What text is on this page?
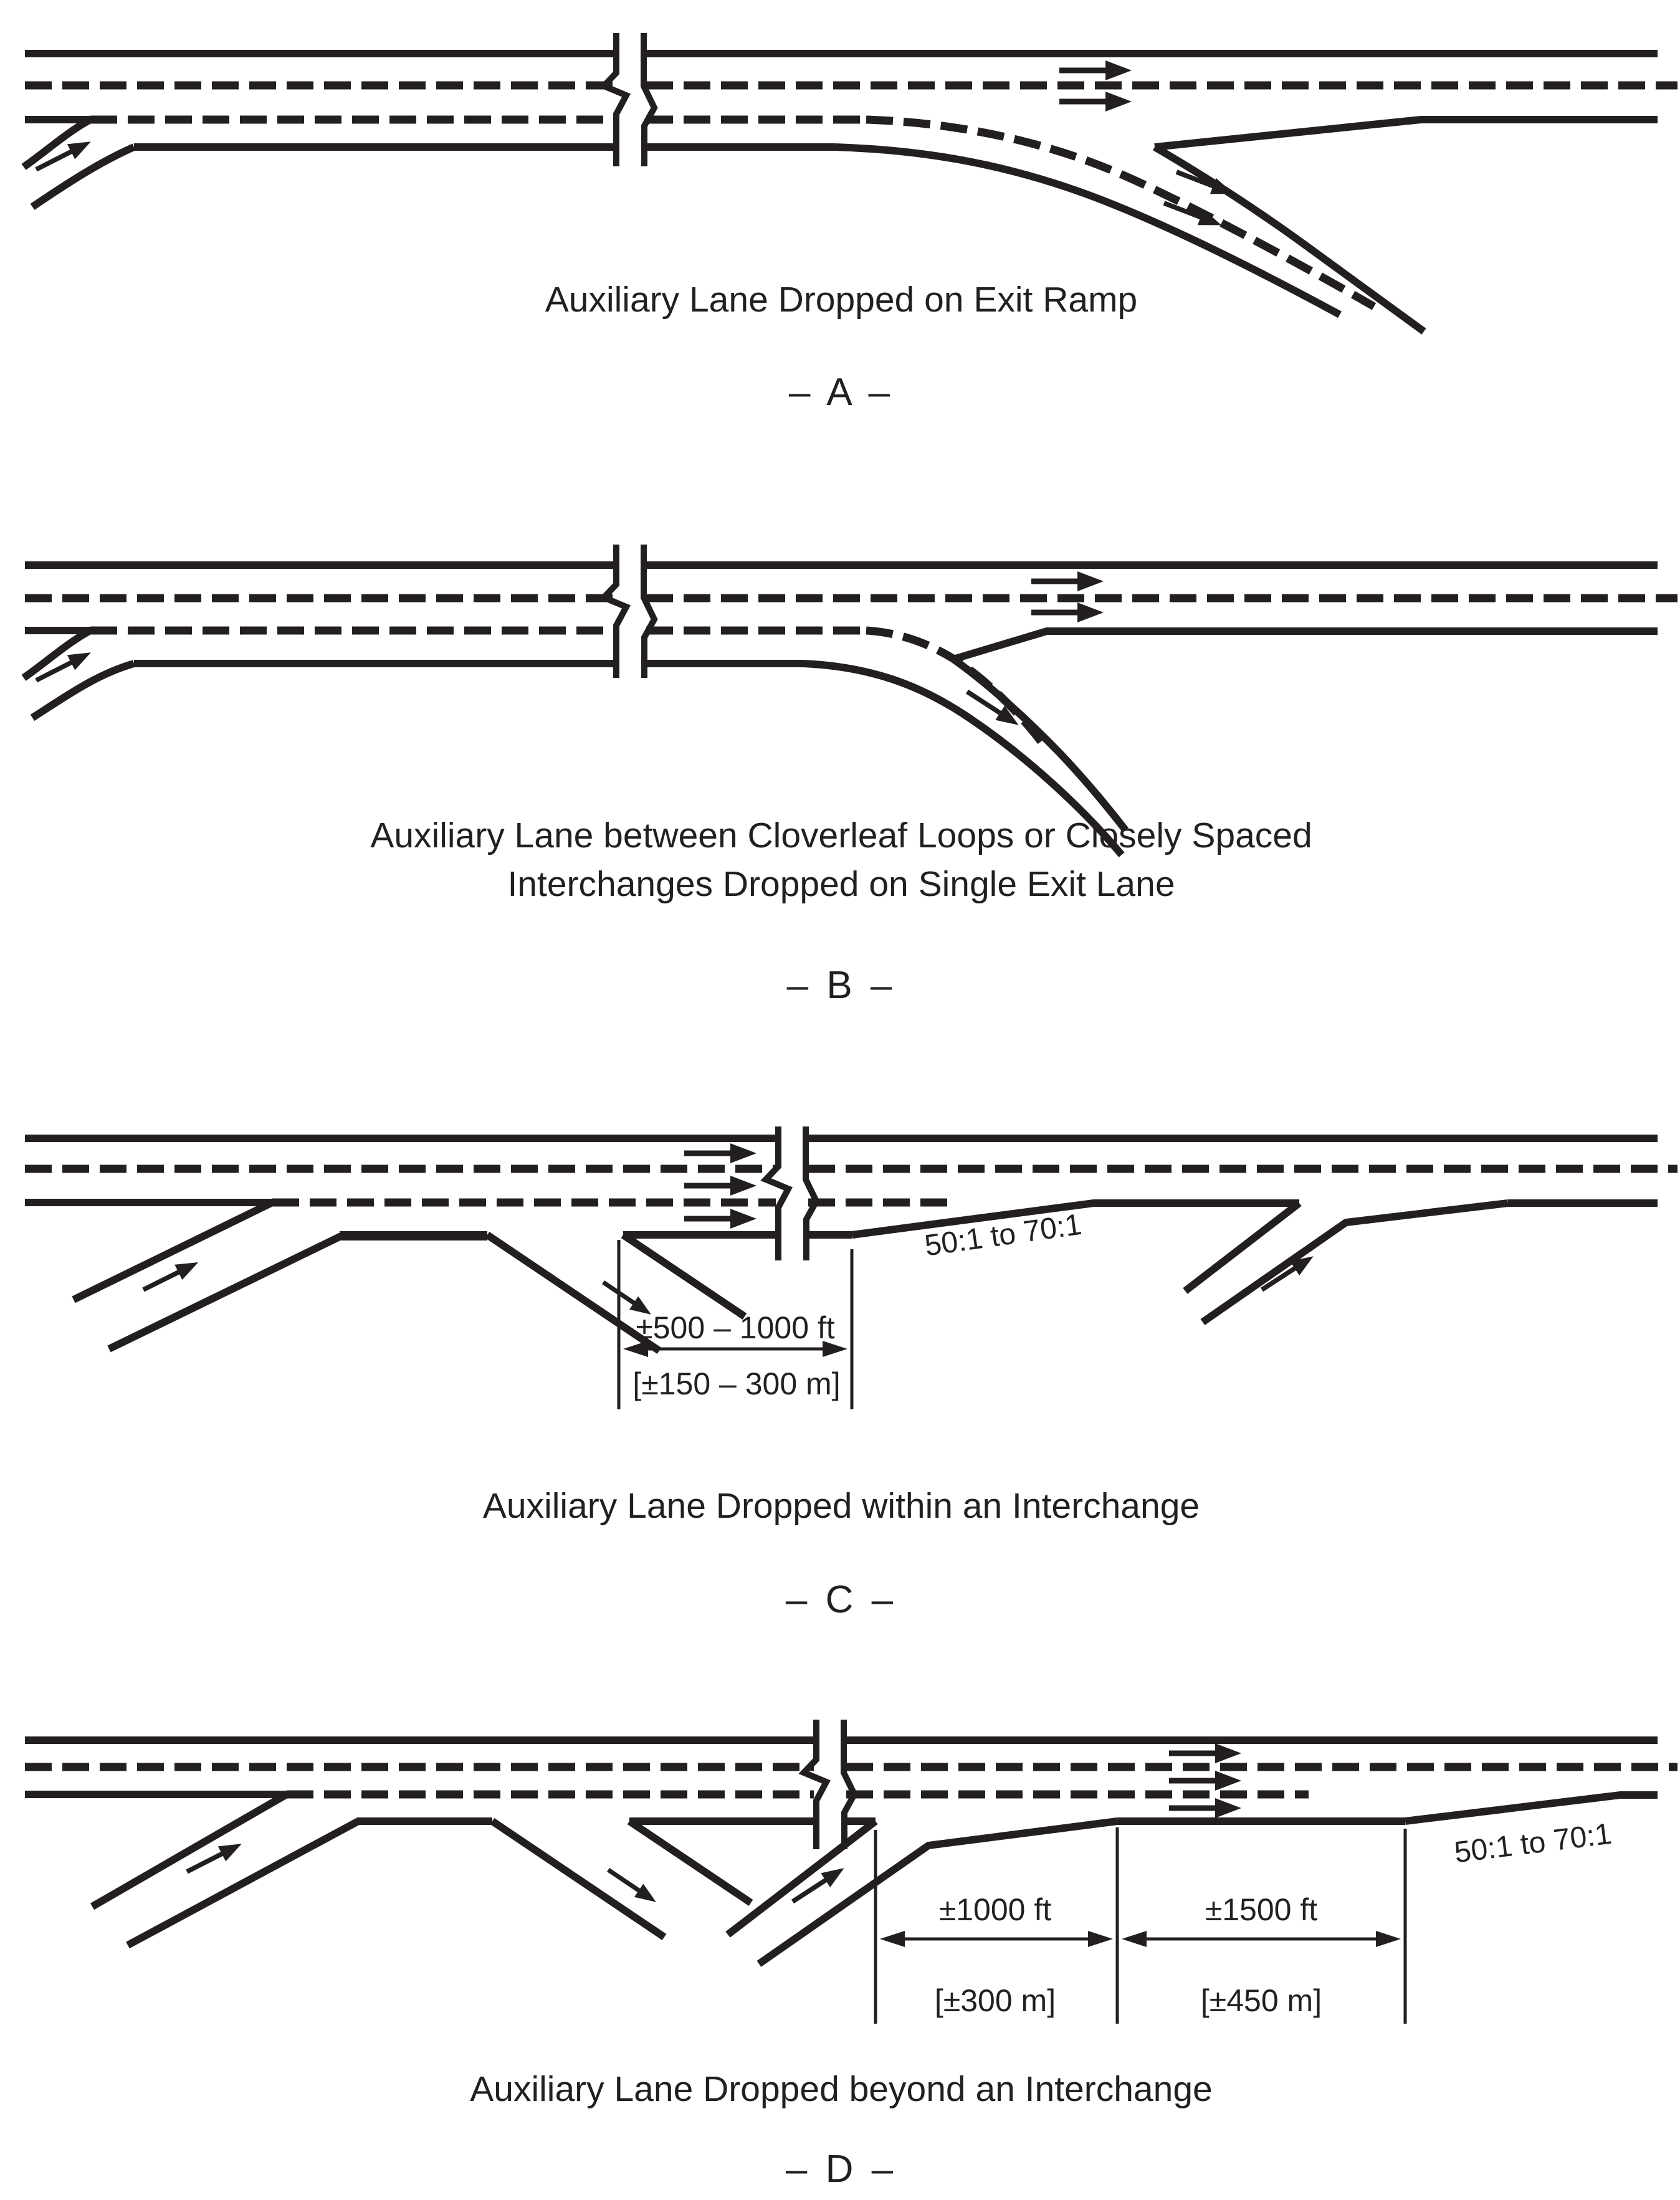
Auxiliary Lane Dropped on Exit Ramp
– A –
Auxiliary Lane between Cloverleaf Loops or Closely Spaced
Interchanges Dropped on Single Exit Lane
– B –
±500 – 1000 ft
[±150 – 300 m]
50:1 to 70:1
Auxiliary Lane Dropped within an Interchange
– C –
±1000 ft
[±300 m]
±1500 ft
[±450 m]
50:1 to 70:1
Auxiliary Lane Dropped beyond an Interchange
– D –
